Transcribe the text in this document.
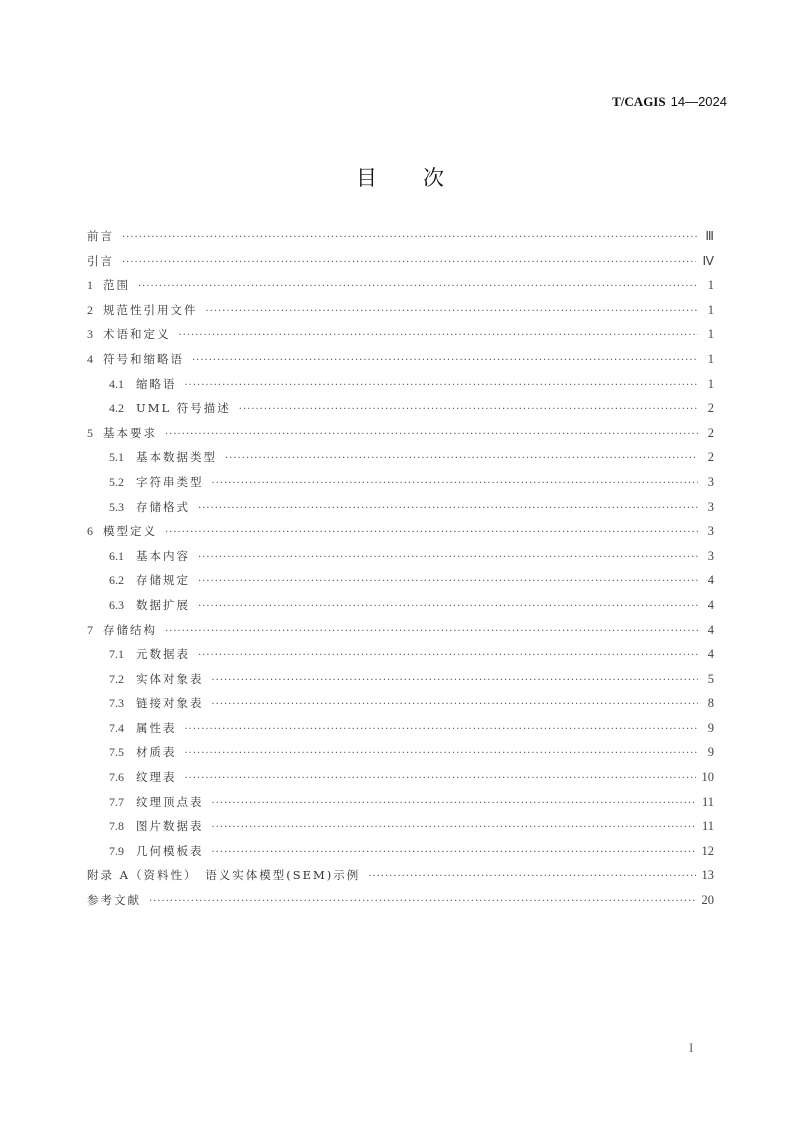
T/CAGIS 14—2024
目 次
前言 ·····	Ⅲ
引言 ·····	Ⅳ
1 范围 ·····	1
2 规范性引用文件 ·····	1
3 术语和定义 ·····	1
4 符号和缩略语 ·····	1
4.1 缩略语 ·····	1
4.2 UML 符号描述 ·····	2
5 基本要求 ·····	2
5.1 基本数据类型 ·····	2
5.2 字符串类型 ·····	3
5.3 存储格式 ·····	3
6 模型定义 ·····	3
6.1 基本内容 ·····	3
6.2 存储规定 ·····	4
6.3 数据扩展 ·····	4
7 存储结构 ·····	4
7.1 元数据表 ·····	4
7.2 实体对象表 ·····	5
7.3 链接对象表 ·····	8
7.4 属性表 ·····	9
7.5 材质表 ·····	9
7.6 纹理表 ·····	10
7.7 纹理顶点表 ·····	11
7.8 图片数据表 ·····	11
7.9 几何模板表 ·····	12
附录 A（资料性）　语义实体模型(SEM)示例 ·····	13
参考文献 ·····	20
I
